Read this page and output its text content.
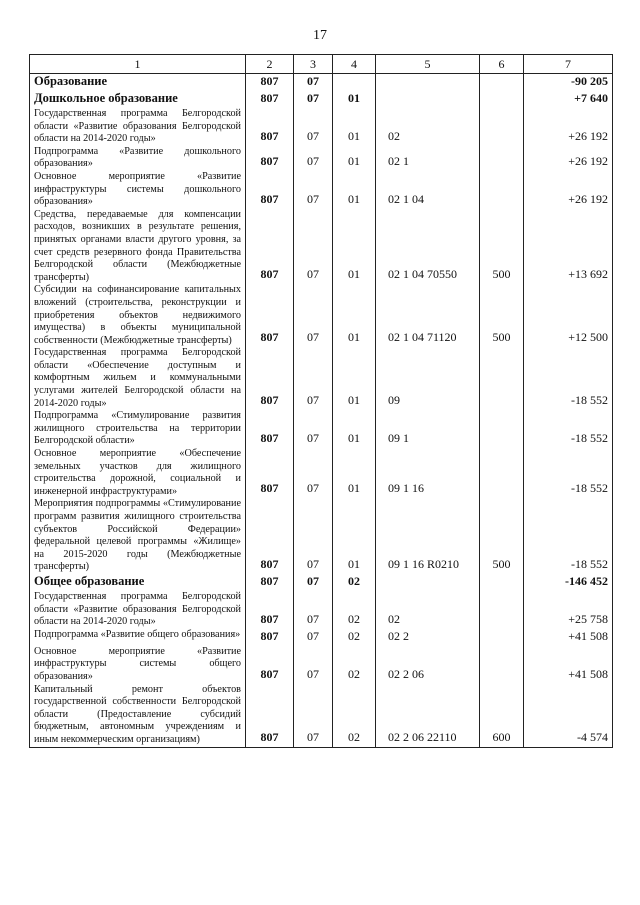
17
1	2	3	4	5	6	7
Образование	807	07				-90 205
Дошкольное образование	807	07	01			+7 640
Государственная программа Белгородской области «Развитие образования Белгородской области на 2014-2020 годы»	807	07	01	02		+26 192
Подпрограмма «Развитие дошкольного образования»	807	07	01	02 1		+26 192
Основное мероприятие «Развитие инфраструктуры системы дошкольного образования»	807	07	01	02 1 04		+26 192
Средства, передаваемые для компенсации расходов, возникших в результате решения, принятых органами власти другого уровня, за счет средств резервного фонда Правительства Белгородской области (Межбюджетные трансферты)	807	07	01	02 1 04 70550	500	+13 692
Субсидии на софинансирование капитальных вложений (строительства, реконструкции и приобретения объектов недвижимого имущества) в объекты муниципальной собственности (Межбюджетные трансферты)	807	07	01	02 1 04 71120	500	+12 500
Государственная программа Белгородской области «Обеспечение доступным и комфортным жильем и коммунальными услугами жителей Белгородской области на 2014-2020 годы»	807	07	01	09		-18 552
Подпрограмма «Стимулирование развития жилищного строительства на территории Белгородской области»	807	07	01	09 1		-18 552
Основное мероприятие «Обеспечение земельных участков для жилищного строительства дорожной, социальной и инженерной инфраструктурами»	807	07	01	09 1 16		-18 552
Мероприятия подпрограммы «Стимулирование программ развития жилищного строительства субъектов Российской Федерации» федеральной целевой программы «Жилище» на 2015-2020 годы (Межбюджетные трансферты)	807	07	01	09 1 16 R0210	500	-18 552
Общее образование	807	07	02			-146 452
Государственная программа Белгородской области «Развитие образования Белгородской области на 2014-2020 годы»	807	07	02	02		+25 758
Подпрограмма «Развитие общего образования»	807	07	02	02 2		+41 508
Основное мероприятие «Развитие инфраструктуры системы общего образования»	807	07	02	02 2 06		+41 508
Капитальный ремонт объектов государственной собственности Белгородской области (Предоставление субсидий бюджетным, автономным учреждениям и иным некоммерческим организациям)	807	07	02	02 2 06 22110	600	-4 574
